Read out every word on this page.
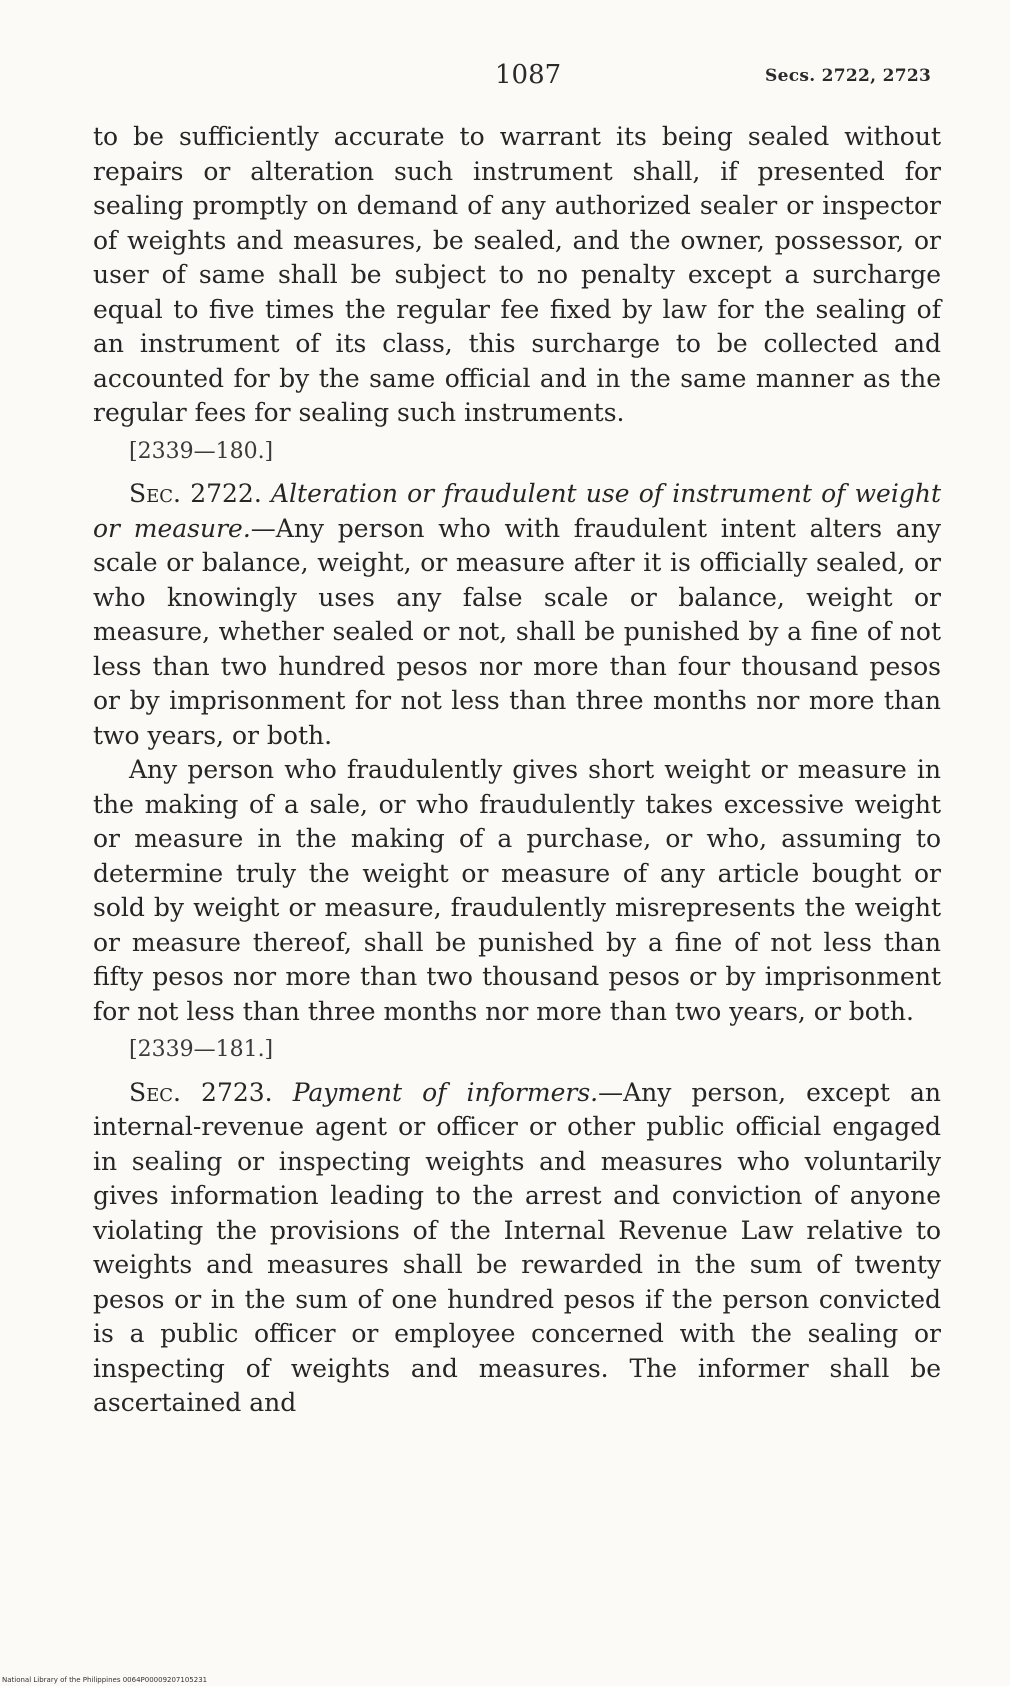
1087	Secs. 2722, 2723

to be sufficiently accurate to warrant its being sealed without repairs or alteration such instrument shall, if presented for sealing promptly on demand of any authorized sealer or inspector of weights and measures, be sealed, and the owner, possessor, or user of same shall be subject to no penalty except a surcharge equal to five times the regular fee fixed by law for the sealing of an instrument of its class, this surcharge to be collected and accounted for by the same official and in the same manner as the regular fees for sealing such instruments.

[2339—180.]

Sec. 2722. Alteration or fraudulent use of instrument of weight or measure.—Any person who with fraudulent intent alters any scale or balance, weight, or measure after it is officially sealed, or who knowingly uses any false scale or balance, weight or measure, whether sealed or not, shall be punished by a fine of not less than two hundred pesos nor more than four thousand pesos or by imprisonment for not less than three months nor more than two years, or both.

Any person who fraudulently gives short weight or measure in the making of a sale, or who fraudulently takes excessive weight or measure in the making of a purchase, or who, assuming to determine truly the weight or measure of any article bought or sold by weight or measure, fraudulently misrepresents the weight or measure thereof, shall be punished by a fine of not less than fifty pesos nor more than two thousand pesos or by imprisonment for not less than three months nor more than two years, or both.

[2339—181.]

Sec. 2723. Payment of informers.—Any person, except an internal-revenue agent or officer or other public official engaged in sealing or inspecting weights and measures who voluntarily gives information leading to the arrest and conviction of anyone violating the provisions of the Internal Revenue Law relative to weights and measures shall be rewarded in the sum of twenty pesos or in the sum of one hundred pesos if the person convicted is a public officer or employee concerned with the sealing or inspecting of weights and measures. The informer shall be ascertained and

National Library of the Philippines 0064P00009207105231
